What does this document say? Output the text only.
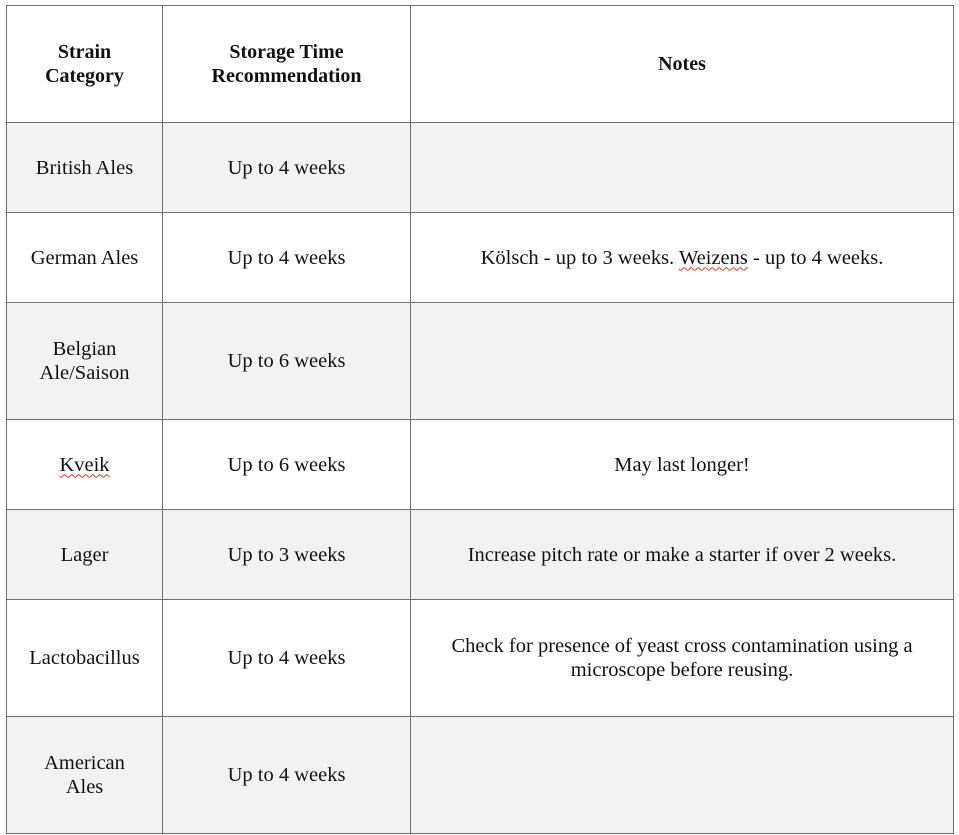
Strain Category	Storage Time Recommendation	Notes
British Ales	Up to 4 weeks	
German Ales	Up to 4 weeks	Kölsch - up to 3 weeks. Weizens - up to 4 weeks.
Belgian Ale/Saison	Up to 6 weeks	
Kveik	Up to 6 weeks	May last longer!
Lager	Up to 3 weeks	Increase pitch rate or make a starter if over 2 weeks.
Lactobacillus	Up to 4 weeks	Check for presence of yeast cross contamination using a microscope before reusing.
American Ales	Up to 4 weeks	
